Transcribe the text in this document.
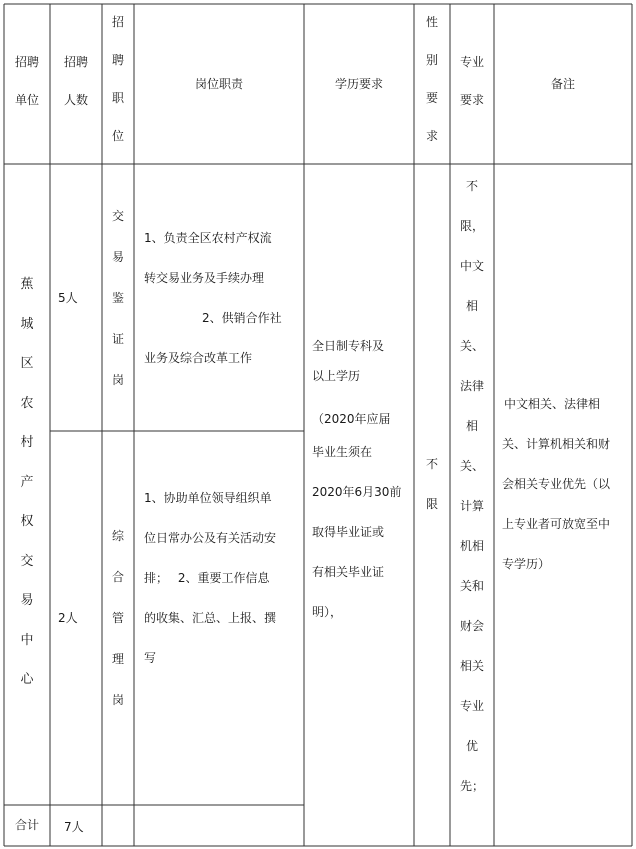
招聘
单位
招聘
人数
招
聘
职
位
岗位职责	学历要求
性
别
要
求
专业
要求
备注
蕉
城
区
农
村
产
权
交
易
中
心
5人
交
易
鉴
证
岗
1、负责全区农村产权流
转交易业务及手续办理
2、供销合作社
业务及综合改革工作
2人
综
合
管
理
岗
1、协助单位领导组织单
位日常办公及有关活动安
排；　 2、重要工作信息
的收集、汇总、上报、撰
写
全日制专科及
以上学历
（2020年应届
毕业生须在
2020年6月30前
取得毕业证或
有相关毕业证
明），
不
限
不
限，
中文
相
关、
法律
相
关、
计算
机相
关和
财会
相关
专业
优
先；
中文相关、法律相
关、计算机相关和财
会相关专业优先（以
上专业者可放宽至中
专学历）
合计	7人
